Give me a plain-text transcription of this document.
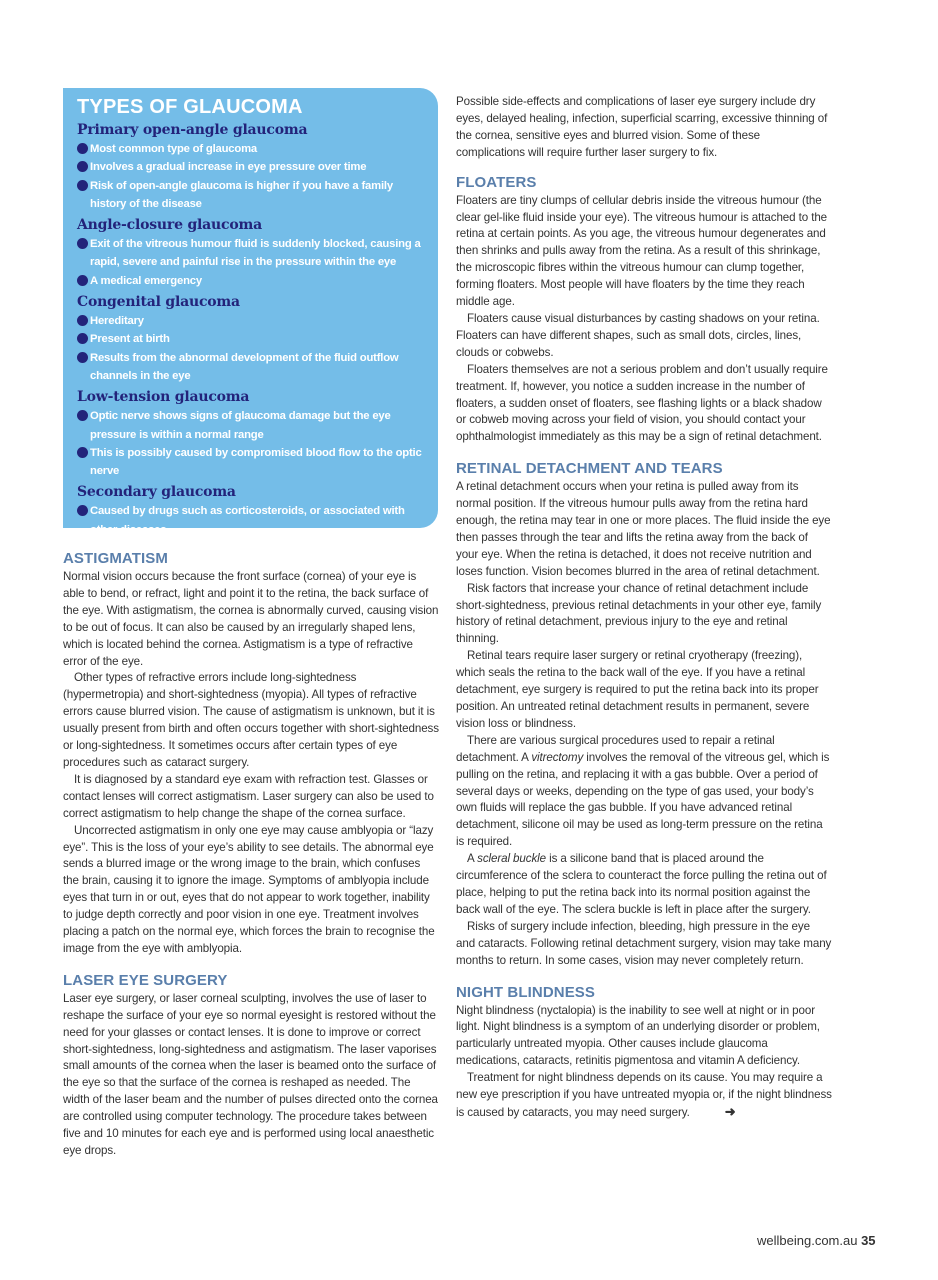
TYPES OF GLAUCOMA
Primary open-angle glaucoma
Most common type of glaucoma
Involves a gradual increase in eye pressure over time
Risk of open-angle glaucoma is higher if you have a family history of the disease
Angle-closure glaucoma
Exit of the vitreous humour fluid is suddenly blocked, causing a rapid, severe and painful rise in the pressure within the eye
A medical emergency
Congenital glaucoma
Hereditary
Present at birth
Results from the abnormal development of the fluid outflow channels in the eye
Low-tension glaucoma
Optic nerve shows signs of glaucoma damage but the eye pressure is within a normal range
This is possibly caused by compromised blood flow to the optic nerve
Secondary glaucoma
Caused by drugs such as corticosteroids, or associated with other diseases
ASTIGMATISM

Normal vision occurs because the front surface (cornea) of your eye is able to bend, or refract, light and point it to the retina, the back surface of the eye. With astigmatism, the cornea is abnormally curved, causing vision to be out of focus. It can also be caused by an irregularly shaped lens, which is located behind the cornea. Astigmatism is a type of refractive error of the eye.

Other types of refractive errors include long-sightedness (hypermetropia) and short-sightedness (myopia). All types of refractive errors cause blurred vision. The cause of astigmatism is unknown, but it is usually present from birth and often occurs together with short-sightedness or long-sightedness. It sometimes occurs after certain types of eye procedures such as cataract surgery.

It is diagnosed by a standard eye exam with refraction test. Glasses or contact lenses will correct astigmatism. Laser surgery can also be used to correct astigmatism to help change the shape of the cornea surface.

Uncorrected astigmatism in only one eye may cause amblyopia or “lazy eye”. This is the loss of your eye’s ability to see details. The abnormal eye sends a blurred image or the wrong image to the brain, which confuses the brain, causing it to ignore the image. Symptoms of amblyopia include eyes that turn in or out, eyes that do not appear to work together, inability to judge depth correctly and poor vision in one eye. Treatment involves placing a patch on the normal eye, which forces the brain to recognise the image from the eye with amblyopia.

LASER EYE SURGERY

Laser eye surgery, or laser corneal sculpting, involves the use of laser to reshape the surface of your eye so normal eyesight is restored without the need for your glasses or contact lenses. It is done to improve or correct short-sightedness, long-sightedness and astigmatism. The laser vaporises small amounts of the cornea when the laser is beamed onto the surface of the eye so that the surface of the cornea is reshaped as needed. The width of the laser beam and the number of pulses directed onto the cornea are controlled using computer technology. The procedure takes between five and 10 minutes for each eye and is performed using local anaesthetic eye drops.

Possible side-effects and complications of laser eye surgery include dry eyes, delayed healing, infection, superficial scarring, excessive thinning of the cornea, sensitive eyes and blurred vision. Some of these complications will require further laser surgery to fix.

FLOATERS

Floaters are tiny clumps of cellular debris inside the vitreous humour (the clear gel-like fluid inside your eye). The vitreous humour is attached to the retina at certain points. As you age, the vitreous humour degenerates and then shrinks and pulls away from the retina. As a result of this shrinkage, the microscopic fibres within the vitreous humour can clump together, forming floaters. Most people will have floaters by the time they reach middle age.

Floaters cause visual disturbances by casting shadows on your retina. Floaters can have different shapes, such as small dots, circles, lines, clouds or cobwebs.

Floaters themselves are not a serious problem and don’t usually require treatment. If, however, you notice a sudden increase in the number of floaters, a sudden onset of floaters, see flashing lights or a black shadow or cobweb moving across your field of vision, you should contact your ophthalmologist immediately as this may be a sign of retinal detachment.

RETINAL DETACHMENT AND TEARS

A retinal detachment occurs when your retina is pulled away from its normal position. If the vitreous humour pulls away from the retina hard enough, the retina may tear in one or more places. The fluid inside the eye then passes through the tear and lifts the retina away from the back of your eye. When the retina is detached, it does not receive nutrition and loses function. Vision becomes blurred in the area of retinal detachment.

Risk factors that increase your chance of retinal detachment include short-sightedness, previous retinal detachments in your other eye, family history of retinal detachment, previous injury to the eye and retinal thinning.

Retinal tears require laser surgery or retinal cryotherapy (freezing), which seals the retina to the back wall of the eye. If you have a retinal detachment, eye surgery is required to put the retina back into its proper position. An untreated retinal detachment results in permanent, severe vision loss or blindness.

There are various surgical procedures used to repair a retinal detachment. A vitrectomy involves the removal of the vitreous gel, which is pulling on the retina, and replacing it with a gas bubble. Over a period of several days or weeks, depending on the type of gas used, your body’s own fluids will replace the gas bubble. If you have advanced retinal detachment, silicone oil may be used as long-term pressure on the retina is required.

A scleral buckle is a silicone band that is placed around the circumference of the sclera to counteract the force pulling the retina out of place, helping to put the retina back into its normal position against the back wall of the eye. The sclera buckle is left in place after the surgery.

Risks of surgery include infection, bleeding, high pressure in the eye and cataracts. Following retinal detachment surgery, vision may take many months to return. In some cases, vision may never completely return.

NIGHT BLINDNESS

Night blindness (nyctalopia) is the inability to see well at night or in poor light. Night blindness is a symptom of an underlying disorder or problem, particularly untreated myopia. Other causes include glaucoma medications, cataracts, retinitis pigmentosa and vitamin A deficiency.

Treatment for night blindness depends on its cause. You may require a new eye prescription if you have untreated myopia or, if the night blindness is caused by cataracts, you may need surgery.	➜

wellbeing.com.au 35
